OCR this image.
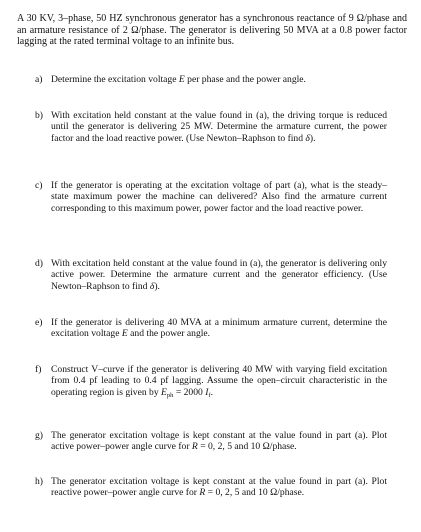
A 30 KV, 3–phase, 50 HZ synchronous generator has a synchronous reactance of 9 Ω/phase and an armature resistance of 2 Ω/phase. The generator is delivering 50 MVA at a 0.8 power factor lagging at the rated terminal voltage to an infinite bus.
a) Determine the excitation voltage E per phase and the power angle.
b) With excitation held constant at the value found in (a), the driving torque is reduced until the generator is delivering 25 MW. Determine the armature current, the power factor and the load reactive power. (Use Newton–Raphson to find δ).
c) If the generator is operating at the excitation voltage of part (a), what is the steady–state maximum power the machine can delivered? Also find the armature current corresponding to this maximum power, power factor and the load reactive power.
d) With excitation held constant at the value found in (a), the generator is delivering only active power. Determine the armature current and the generator efficiency. (Use Newton–Raphson to find δ).
e) If the generator is delivering 40 MVA at a minimum armature current, determine the excitation voltage E and the power angle.
f)	Construct V–curve if the generator is delivering 40 MW with varying field excitation from 0.4 pf leading to 0.4 pf lagging. Assume the open–circuit characteristic in the operating region is given by $E_{ph} = 2000$ $I_f$.
g) The generator excitation voltage is kept constant at the value found in part (a). Plot active power–power angle curve for R = 0, 2, 5 and 10 Ω/phase.
h) The generator excitation voltage is kept constant at the value found in part (a). Plot reactive power–power angle curve for R = 0, 2, 5 and 10 Ω/phase.
